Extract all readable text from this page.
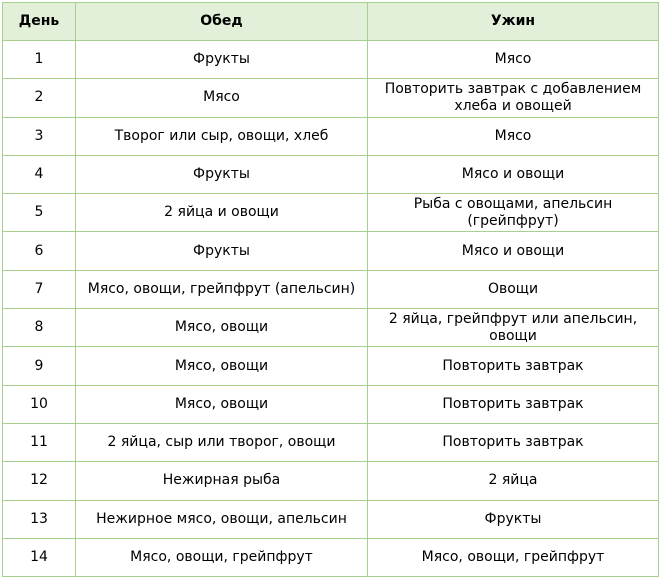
День	Обед	Ужин
1	Фрукты	Мясо
2	Мясо	Повторить завтрак с добавлением хлеба и овощей
3	Творог или сыр, овощи, хлеб	Мясо
4	Фрукты	Мясо и овощи
5	2 яйца и овощи	Рыба с овощами, апельсин (грейпфрут)
6	Фрукты	Мясо и овощи
7	Мясо, овощи, грейпфрут (апельсин)	Овощи
8	Мясо, овощи	2 яйца, грейпфрут или апельсин, овощи
9	Мясо, овощи	Повторить завтрак
10	Мясо, овощи	Повторить завтрак
11	2 яйца, сыр или творог, овощи	Повторить завтрак
12	Нежирная рыба	2 яйца
13	Нежирное мясо, овощи, апельсин	Фрукты
14	Мясо, овощи, грейпфрут	Мясо, овощи, грейпфрут
